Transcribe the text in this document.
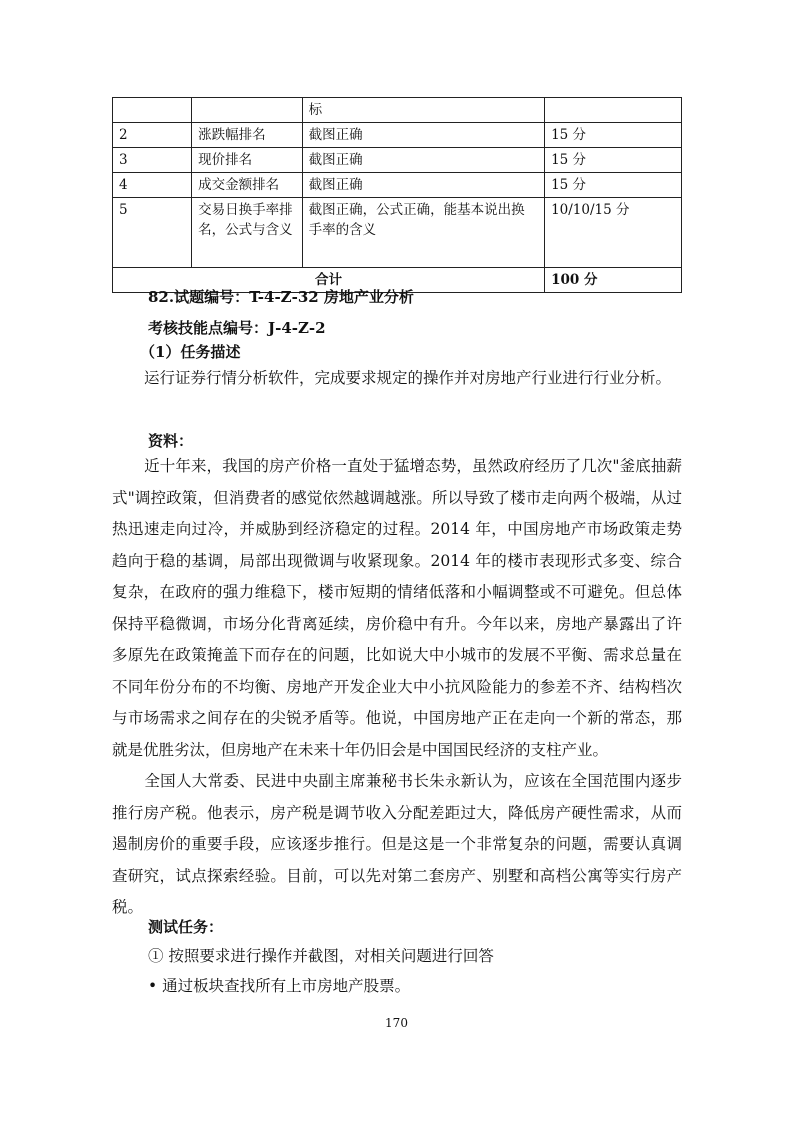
		标	
2	涨跌幅排名	截图正确	15 分
3	现价排名	截图正确	15 分
4	成交金额排名	截图正确	15 分
5	交易日换手率排名，公式与含义	截图正确，公式正确，能基本说出换手率的含义	10/10/15 分
合计			100 分
82.试题编号：T-4-Z-32 房地产业分析
考核技能点编号：J-4-Z-2
（1）任务描述
运行证券行情分析软件，完成要求规定的操作并对房地产行业进行行业分析。
资料：
近十年来，我国的房产价格一直处于猛增态势，虽然政府经历了几次"釜底抽薪式"调控政策，但消费者的感觉依然越调越涨。所以导致了楼市走向两个极端，从过热迅速走向过冷，并威胁到经济稳定的过程。2014 年，中国房地产市场政策走势趋向于稳的基调，局部出现微调与收紧现象。2014 年的楼市表现形式多变、综合复杂，在政府的强力维稳下，楼市短期的情绪低落和小幅调整或不可避免。但总体保持平稳微调，市场分化背离延续，房价稳中有升。今年以来，房地产暴露出了许多原先在政策掩盖下而存在的问题，比如说大中小城市的发展不平衡、需求总量在不同年份分布的不均衡、房地产开发企业大中小抗风险能力的参差不齐、结构档次与市场需求之间存在的尖锐矛盾等。他说，中国房地产正在走向一个新的常态，那就是优胜劣汰，但房地产在未来十年仍旧会是中国国民经济的支柱产业。
全国人大常委、民进中央副主席兼秘书长朱永新认为，应该在全国范围内逐步推行房产税。他表示，房产税是调节收入分配差距过大，降低房产硬性需求，从而遏制房价的重要手段，应该逐步推行。但是这是一个非常复杂的问题，需要认真调查研究，试点探索经验。目前，可以先对第二套房产、别墅和高档公寓等实行房产税。
测试任务：
① 按照要求进行操作并截图，对相关问题进行回答
• 通过板块查找所有上市房地产股票。
170
